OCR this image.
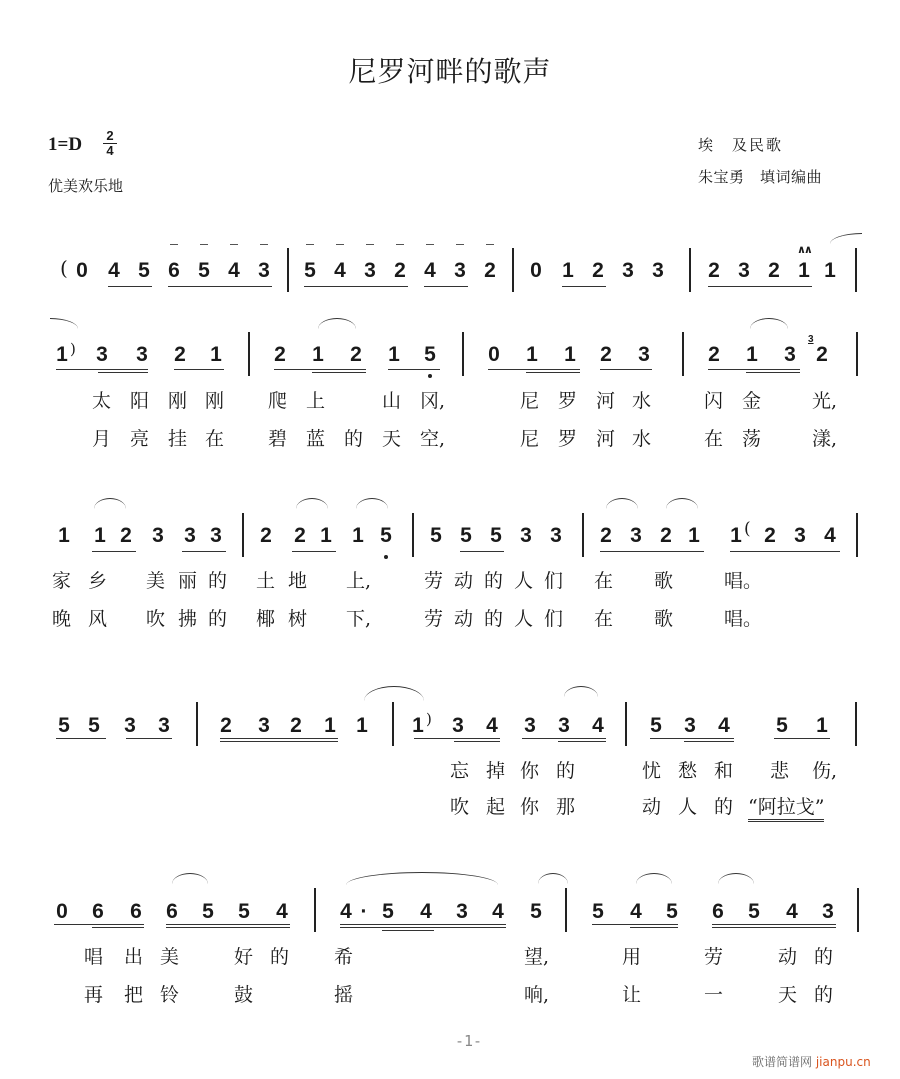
尼罗河畔的歌声
$1=D \frac{2}{4}$
优美欢乐地
埃　及民歌
朱宝勇　填词编曲
( 0 4 5 6 5 4 3 5 4 3 2 4 3 2 0 1 2 3 3 2 3 2 1 1
∧∧
1 ) 3 3 2 1 2 1 2 1 5 0 1 1 2 3	2 1 3
3
2
太 阳 刚 刚 爬 上	山 冈,	尼 罗 河 水	闪 金	光,
月 亮 挂 在 碧 蓝 的 天 空,	尼 罗 河 水	在 荡	漾,
1 1 2 3 3 3 2 2 1 1 5 5 5 5 3 3 2 3 2 1 1 ( 2 3 4
家 乡 美 丽 的 土 地 上,	劳 动 的 人 们 在 歌	唱。
晚 风 吹 拂 的 椰 树 下,	劳 动 的 人 们 在 歌	唱。
5 5 3 3 2 3 2 1 1 1 ) 3 4 3 3 4 5 3 4 5 1
忘 掉 你 的	忧 愁 和 悲 伤,
吹 起 你 那	动 人 的 “阿拉戈”
0 6 6 6 5 5 4 4 · 5 4 3 4 5 5 4 5 6 5 4 3
唱 出 美	好 的 希	望,	用	劳	动 的
再 把 铃	鼓	摇	响,	让	一	天 的
-1-
歌谱简谱网 jianpu.cn
